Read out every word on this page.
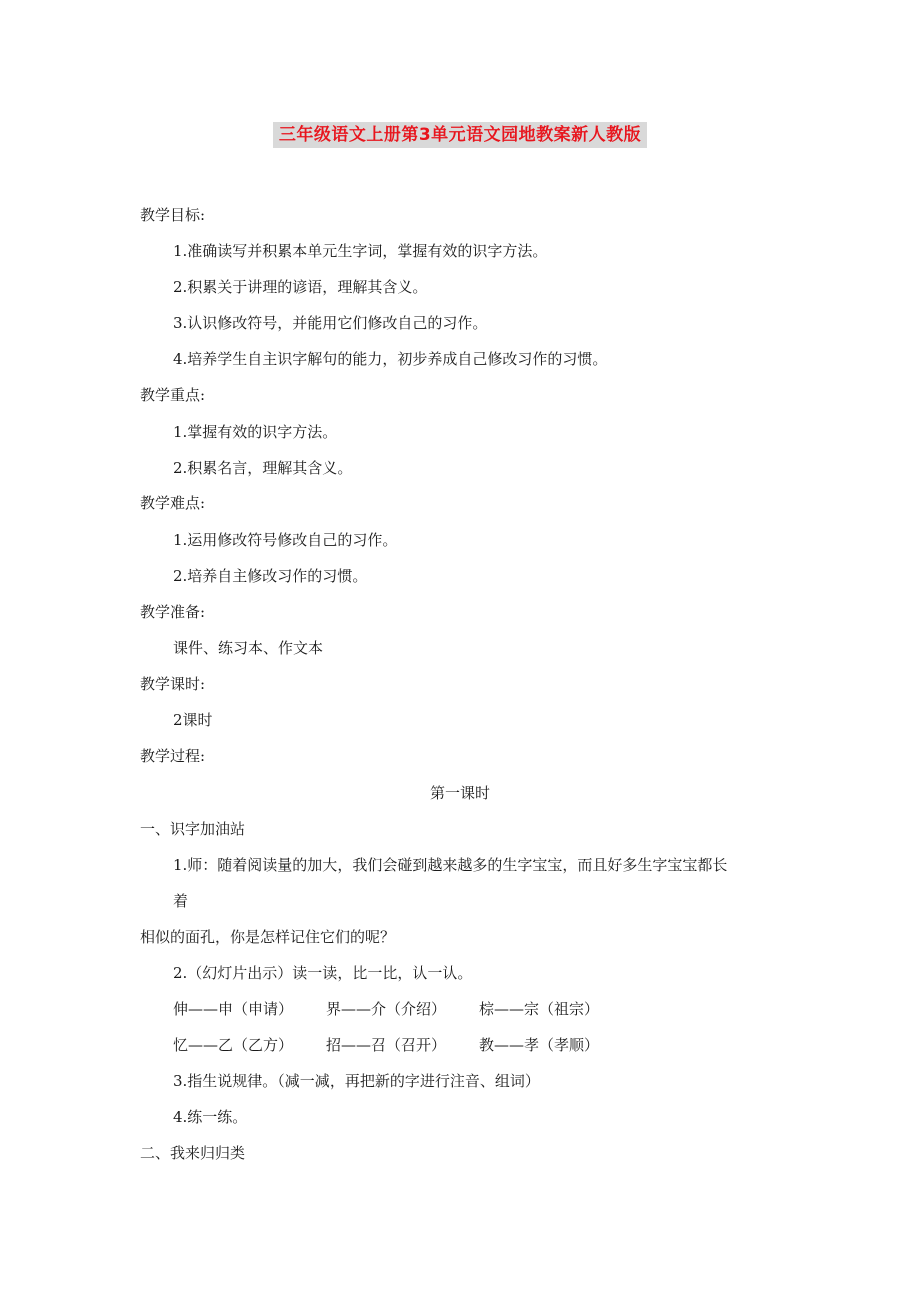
三年级语文上册第3单元语文园地教案新人教版
教学目标:
1.准确读写并积累本单元生字词，掌握有效的识字方法。
2.积累关于讲理的谚语，理解其含义。
3.认识修改符号，并能用它们修改自己的习作。
4.培养学生自主识字解句的能力，初步养成自己修改习作的习惯。
教学重点:
1.掌握有效的识字方法。
2.积累名言，理解其含义。
教学难点:
1.运用修改符号修改自己的习作。
2.培养自主修改习作的习惯。
教学准备:
课件、练习本、作文本
教学课时:
2课时
教学过程:
第一课时
一、识字加油站
1.师：随着阅读量的加大，我们会碰到越来越多的生字宝宝，而且好多生字宝宝都长
着
相似的面孔，你是怎样记住它们的呢？
2.（幻灯片出示）读一读，比一比，认一认。
伸——申（申请） 界——介（介绍） 棕——宗（祖宗）
忆——乙（乙方） 招——召（召开） 教——孝（孝顺）
3.指生说规律。（减一减，再把新的字进行注音、组词）
4.练一练。
二、我来归归类
